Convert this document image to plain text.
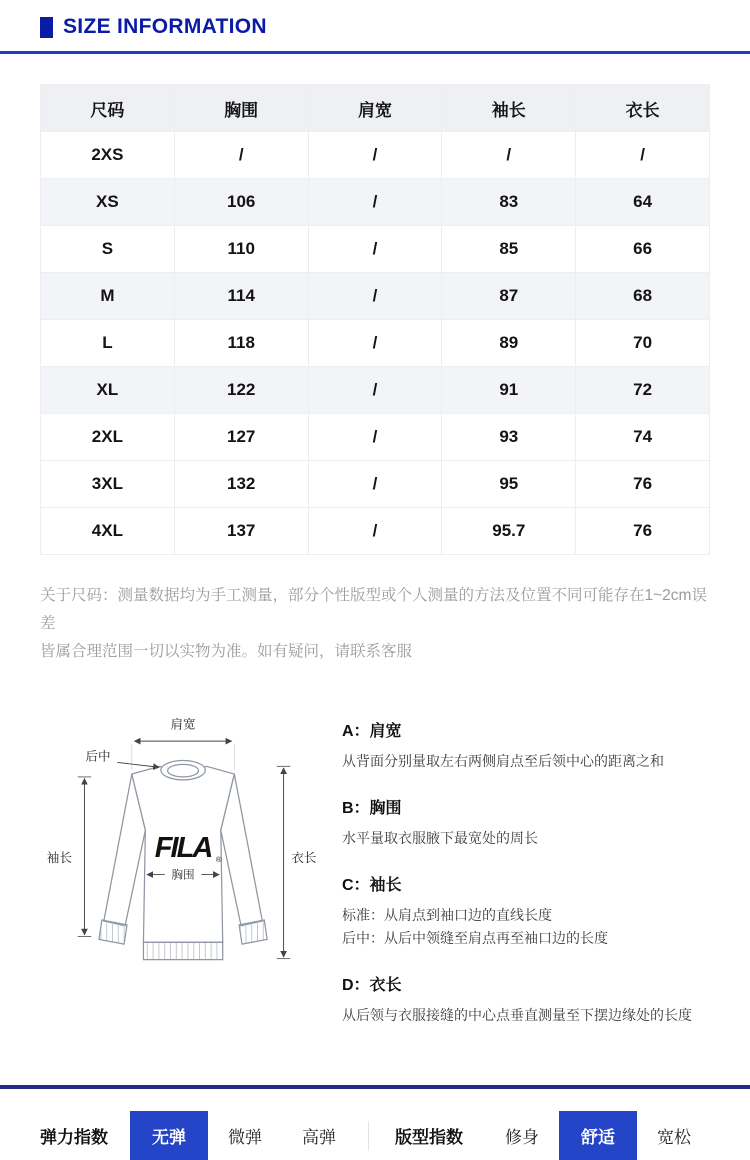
SIZE INFORMATION
尺码	胸围	肩宽	袖长	衣长
2XS	/	/	/	/
XS	106	/	83	64
S	110	/	85	66
M	114	/	87	68
L	118	/	89	70
XL	122	/	91	72
2XL	127	/	93	74
3XL	132	/	95	76
4XL	137	/	95.7	76
关于尺码：测量数据均为手工测量，部分个性版型或个人测量的方法及位置不同可能存在1~2cm误差
皆属合理范围一切以实物为准。如有疑问，请联系客服
FILA ®
肩宽
后中
袖长	衣长
胸围
A：肩宽
从背面分别量取左右两侧肩点至后领中心的距离之和
B：胸围
水平量取衣服腋下最宽处的周长
C：袖长
标准：从肩点到袖口边的直线长度
后中：从后中领缝至肩点再至袖口边的长度
D：衣长
从后领与衣服接缝的中心点垂直测量至下摆边缘处的长度
弹力指数	无弹	微弹	高弹	版型指数	修身	舒适	宽松
